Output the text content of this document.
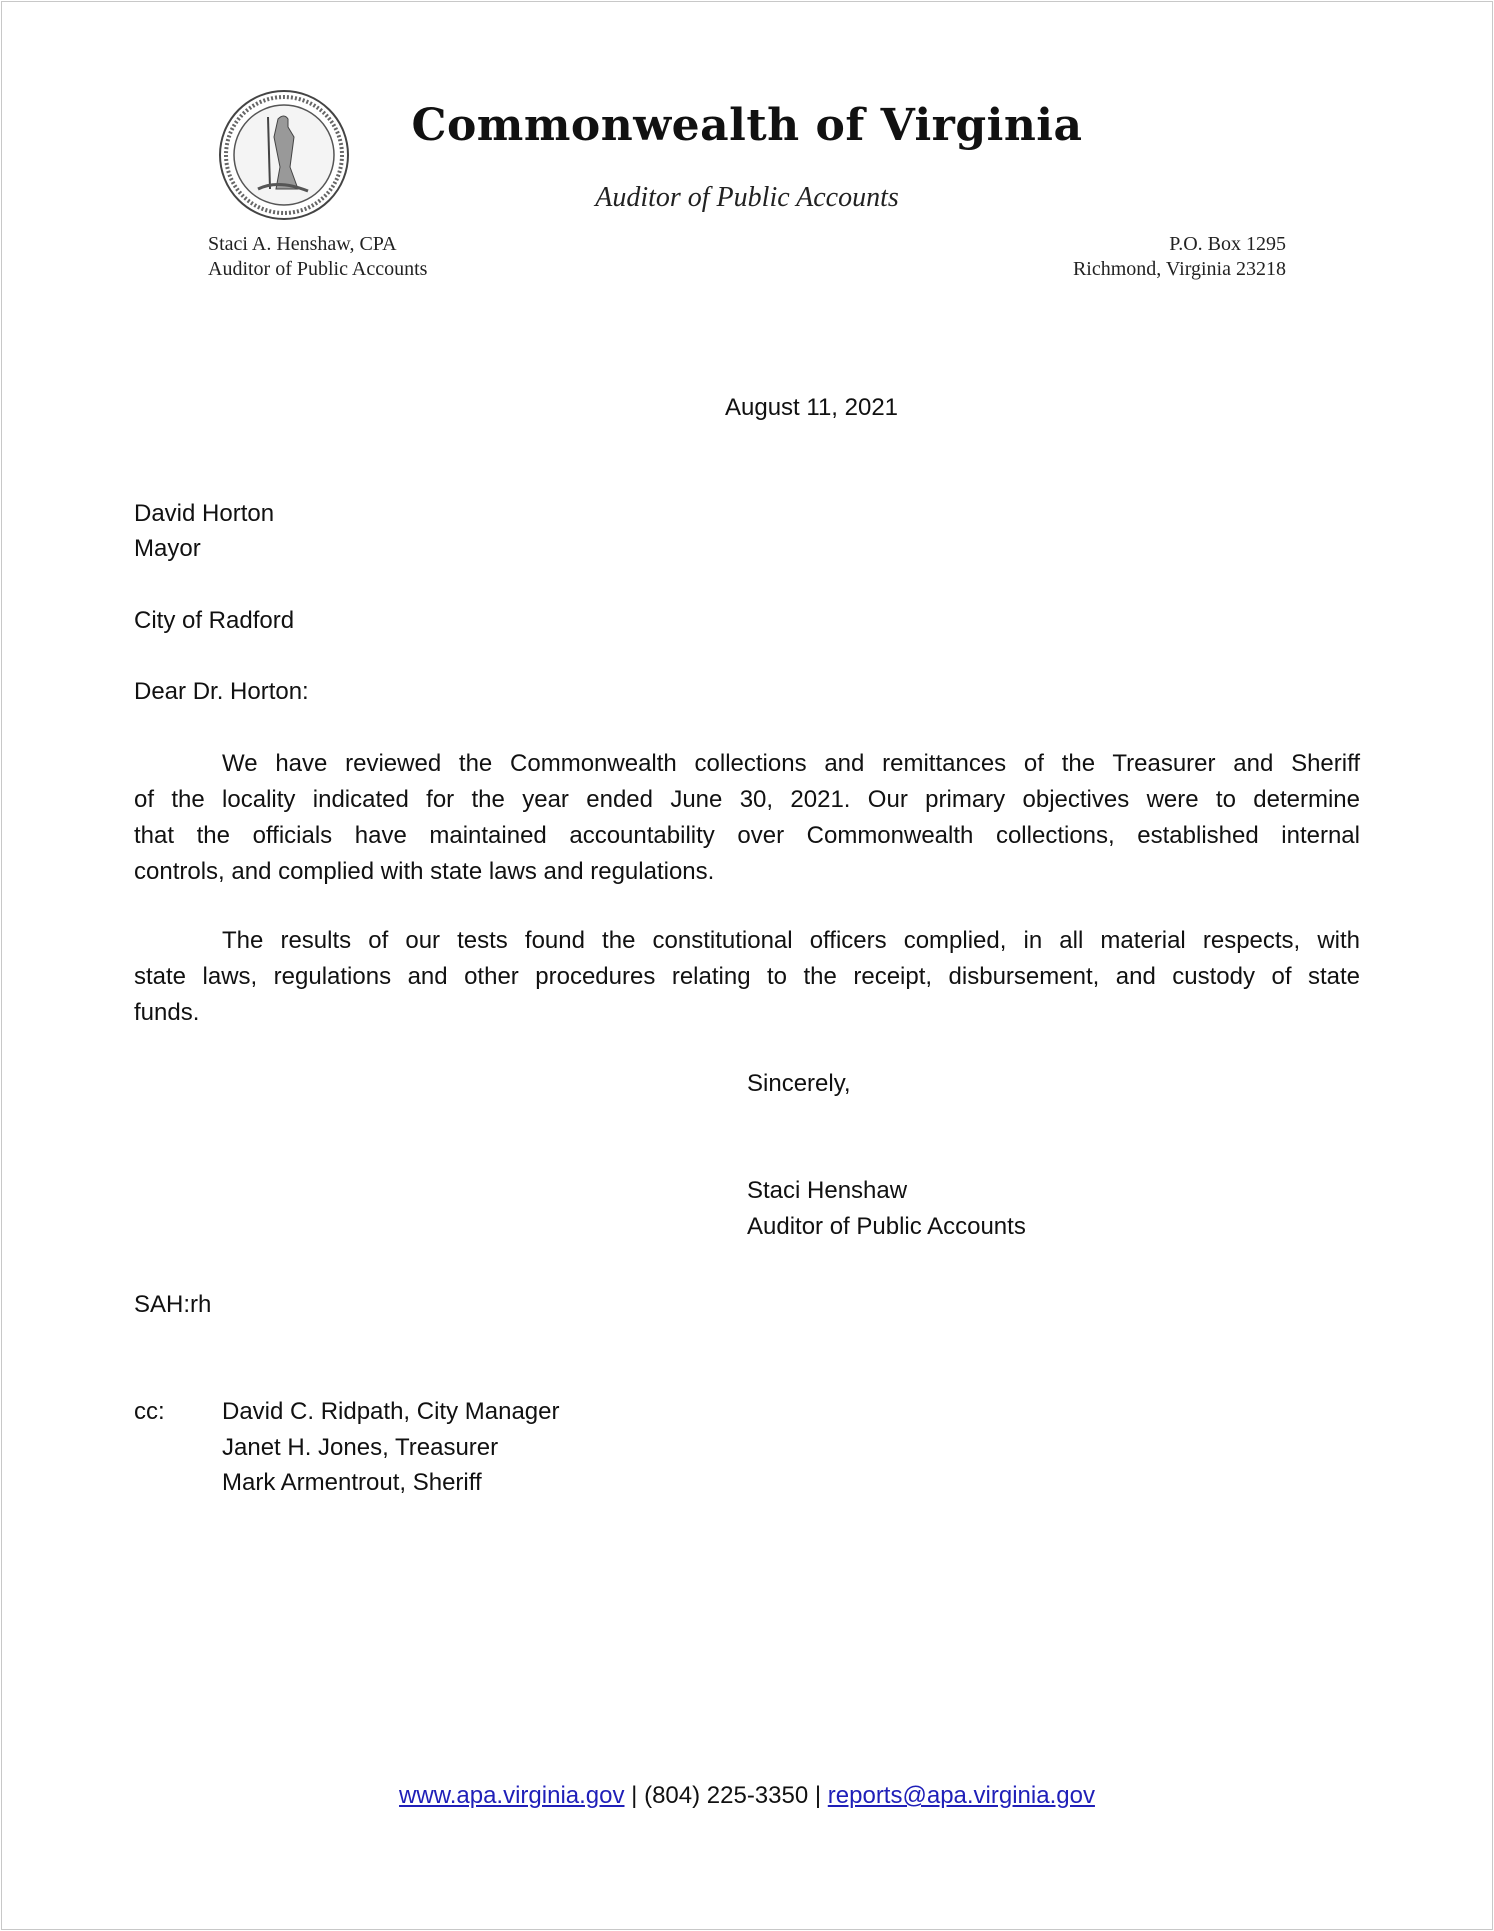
Commonwealth of Virginia
Auditor of Public Accounts
Staci A. Henshaw, CPA
Auditor of Public Accounts
P.O. Box 1295
Richmond, Virginia 23218
August 11, 2021
David Horton
Mayor
City of Radford
Dear Dr. Horton:
We have reviewed the Commonwealth collections and remittances of the Treasurer and Sheriff
of the locality indicated for the year ended June 30, 2021. Our primary objectives were to determine
that the officials have maintained accountability over Commonwealth collections, established internal
controls, and complied with state laws and regulations.
The results of our tests found the constitutional officers complied, in all material respects, with
state laws, regulations and other procedures relating to the receipt, disbursement, and custody of state
funds.
Sincerely,
Staci Henshaw
Auditor of Public Accounts
SAH:rh
cc: David C. Ridpath, City Manager
Janet H. Jones, Treasurer
Mark Armentrout, Sheriff
www.apa.virginia.gov | (804) 225-3350 | reports@apa.virginia.gov
